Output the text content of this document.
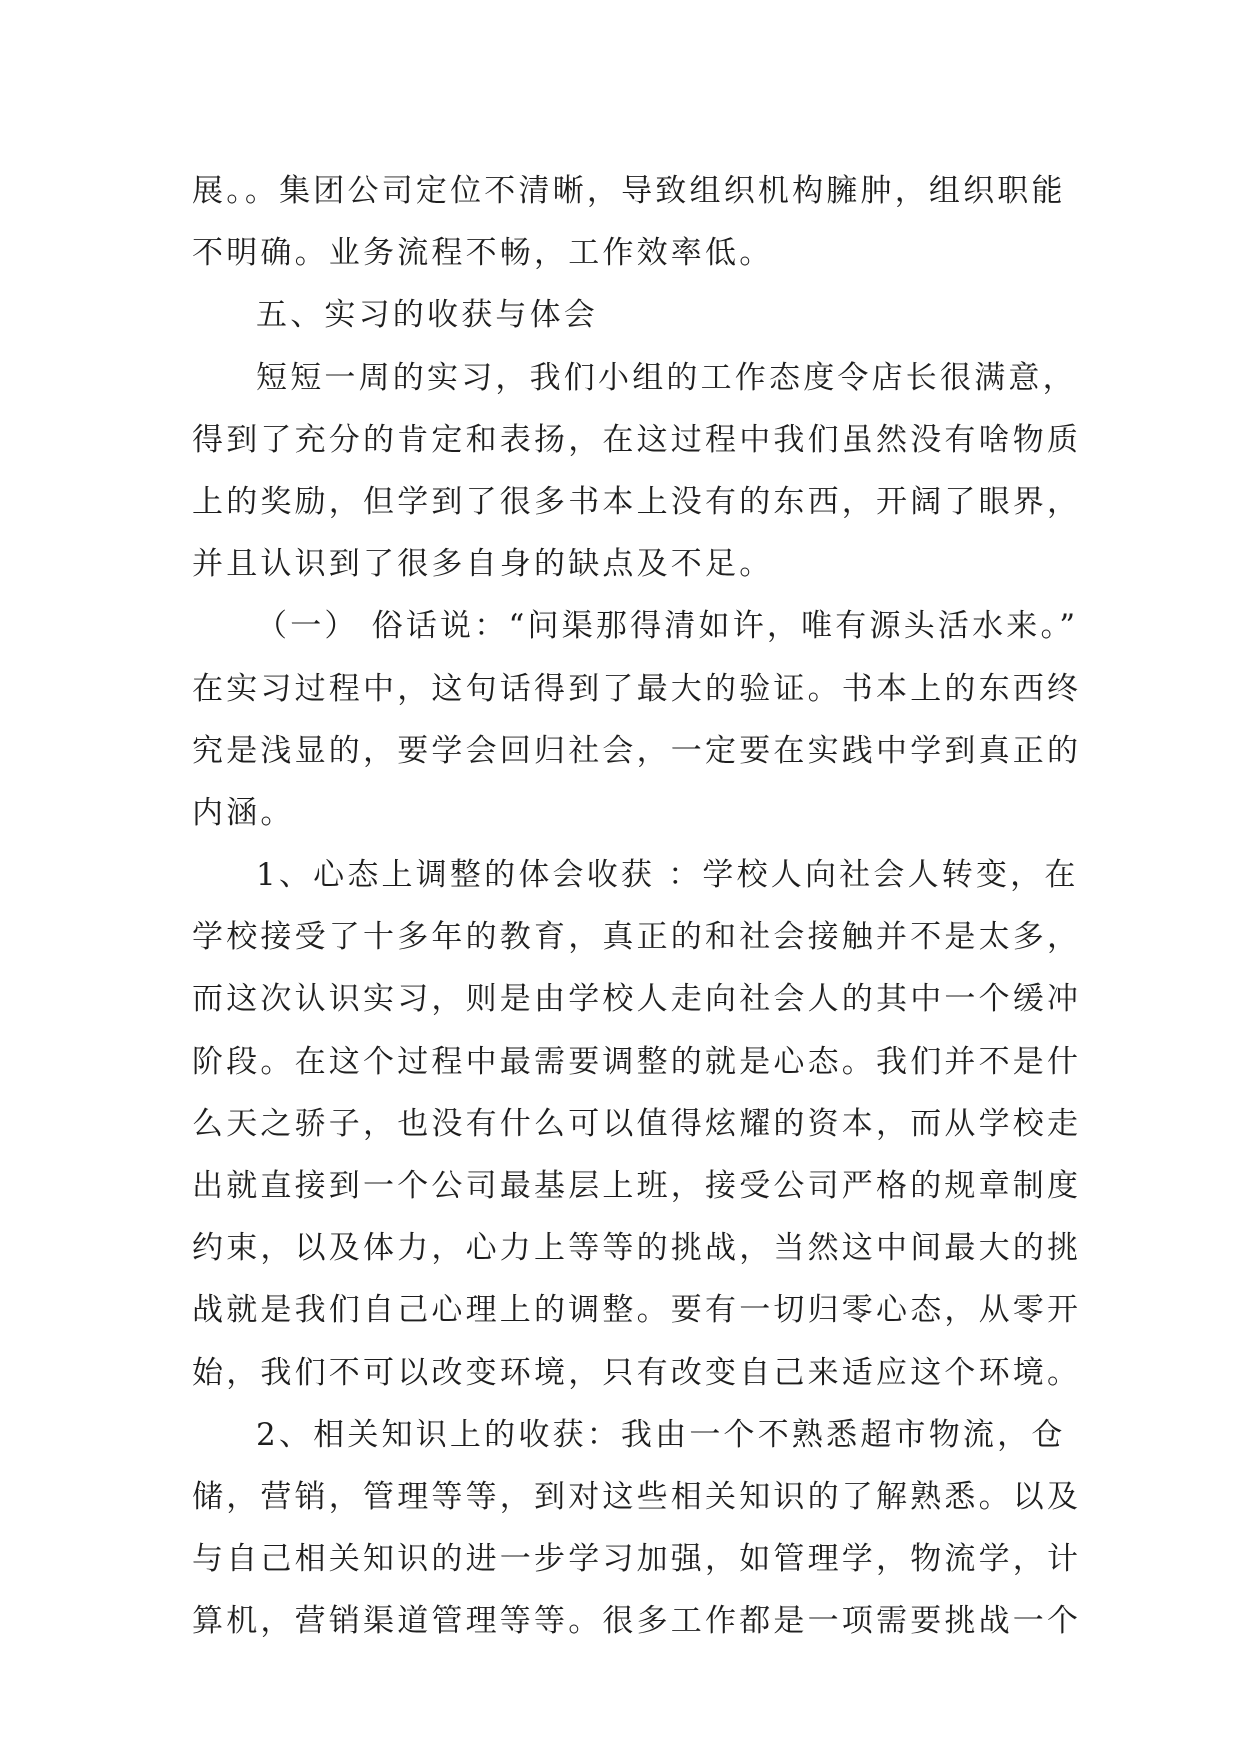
展。。集团公司定位不清晰，导致组织机构臃肿，组织职能
不明确。业务流程不畅，工作效率低。
五、实习的收获与体会
短短一周的实习，我们小组的工作态度令店长很满意，
得到了充分的肯定和表扬，在这过程中我们虽然没有啥物质
上的奖励，但学到了很多书本上没有的东西，开阔了眼界，
并且认识到了很多自身的缺点及不足。
（一） 俗话说：“问渠那得清如许，唯有源头活水来。”
在实习过程中，这句话得到了最大的验证。书本上的东西终
究是浅显的，要学会回归社会，一定要在实践中学到真正的
内涵。
1、心态上调整的体会收获 ：学校人向社会人转变，在
学校接受了十多年的教育，真正的和社会接触并不是太多，
而这次认识实习，则是由学校人走向社会人的其中一个缓冲
阶段。在这个过程中最需要调整的就是心态。我们并不是什
么天之骄子，也没有什么可以值得炫耀的资本，而从学校走
出就直接到一个公司最基层上班，接受公司严格的规章制度
约束，以及体力，心力上等等的挑战，当然这中间最大的挑
战就是我们自己心理上的调整。要有一切归零心态，从零开
始，我们不可以改变环境，只有改变自己来适应这个环境。
2、相关知识上的收获：我由一个不熟悉超市物流，仓
储，营销，管理等等，到对这些相关知识的了解熟悉。以及
与自己相关知识的进一步学习加强，如管理学，物流学，计
算机，营销渠道管理等等。很多工作都是一项需要挑战一个
